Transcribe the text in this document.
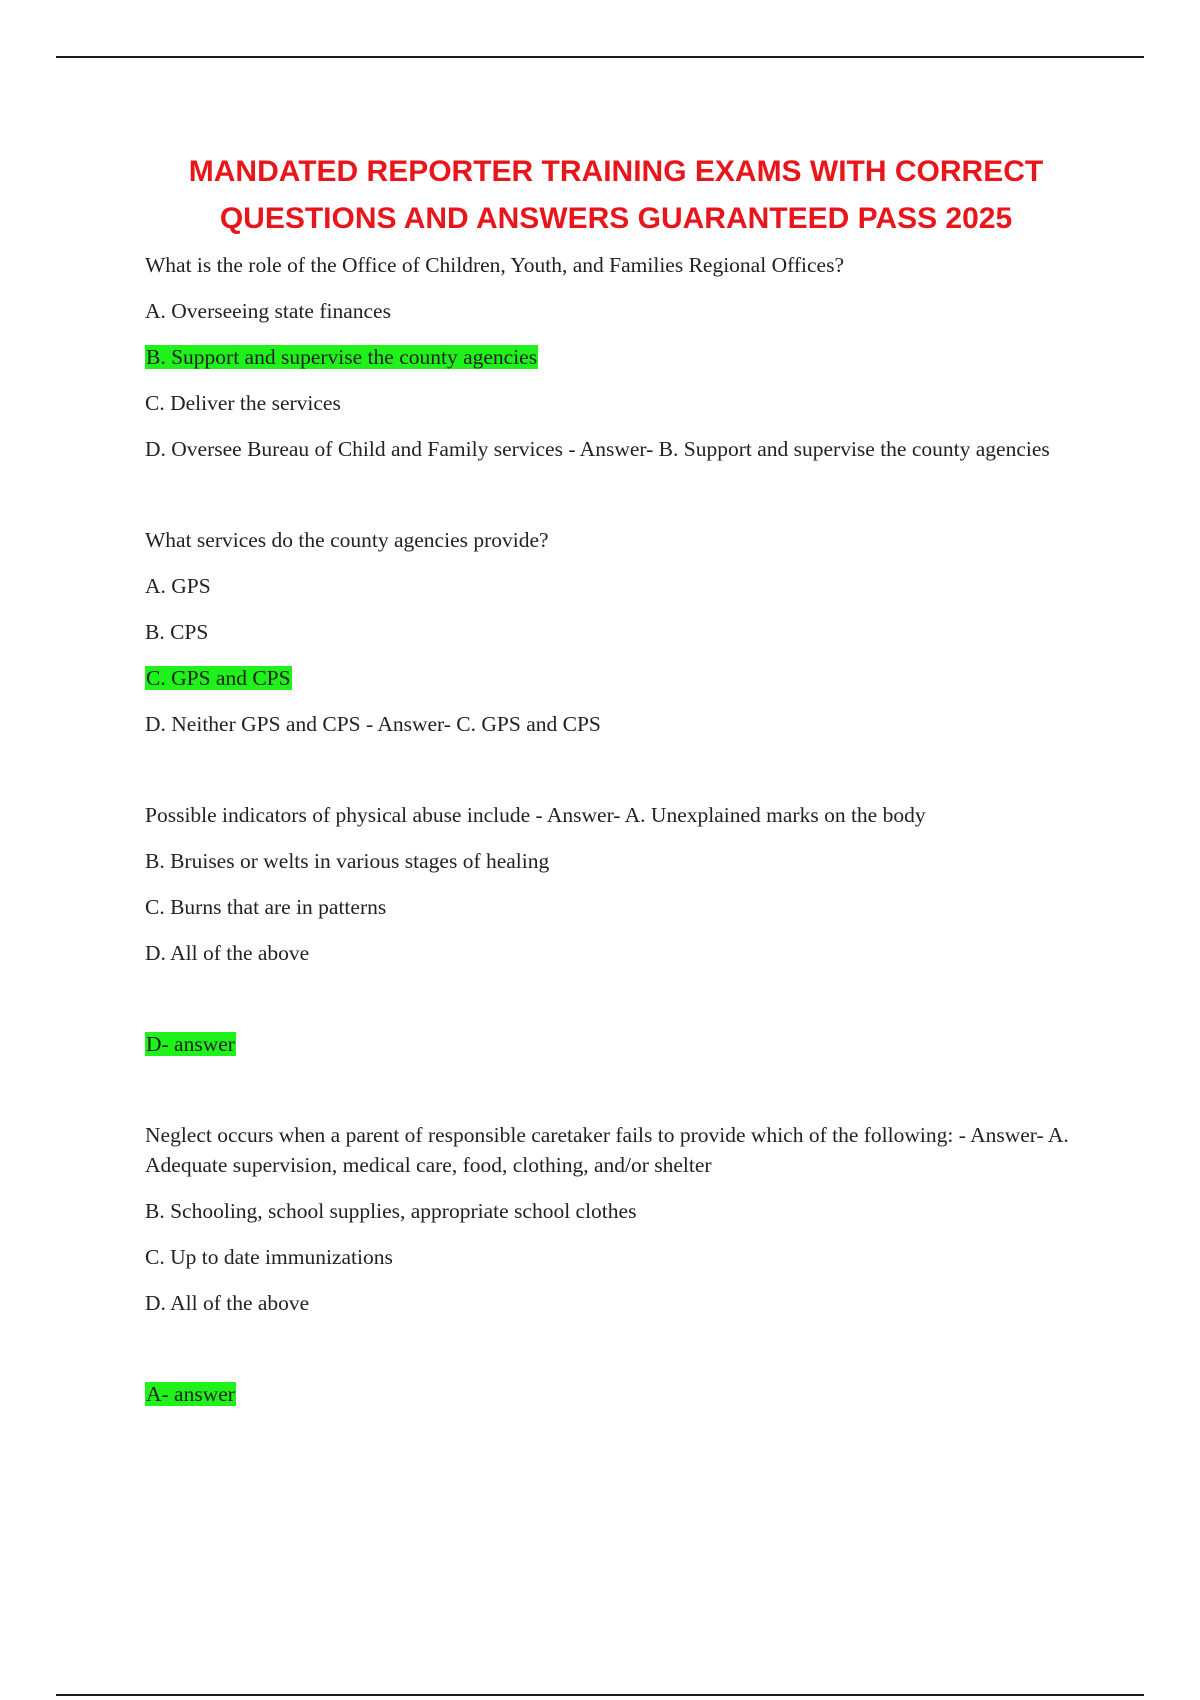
MANDATED REPORTER TRAINING EXAMS WITH CORRECT
QUESTIONS AND ANSWERS GUARANTEED PASS 2025

What is the role of the Office of Children, Youth, and Families Regional Offices?

A. Overseeing state finances

B. Support and supervise the county agencies

C. Deliver the services

D. Oversee Bureau of Child and Family services - Answer- B. Support and supervise the county agencies

What services do the county agencies provide?

A. GPS

B. CPS

C. GPS and CPS

D. Neither GPS and CPS - Answer- C. GPS and CPS

Possible indicators of physical abuse include - Answer- A. Unexplained marks on the body

B. Bruises or welts in various stages of healing

C. Burns that are in patterns

D. All of the above

D- answer

Neglect occurs when a parent of responsible caretaker fails to provide which of the following: - Answer- A. Adequate supervision, medical care, food, clothing, and/or shelter

B. Schooling, school supplies, appropriate school clothes

C. Up to date immunizations

D. All of the above

A- answer
